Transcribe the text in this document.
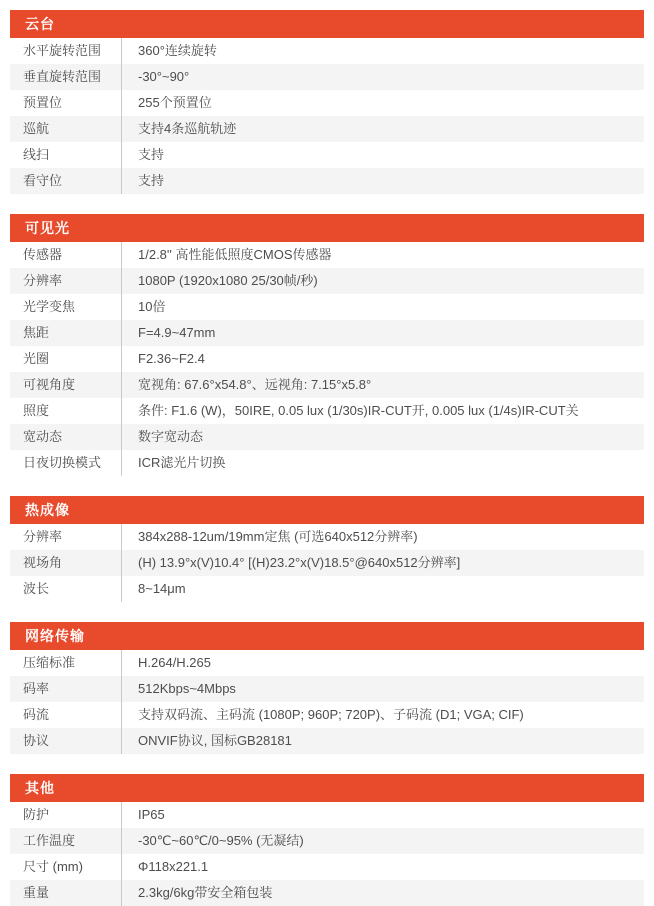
云台
水平旋转范围	360°连续旋转
垂直旋转范围	-30°~90°
预置位	255个预置位
巡航	支持4条巡航轨迹
线扫	支持
看守位	支持
可见光
传感器	1/2.8'' 高性能低照度CMOS传感器
分辨率	1080P (1920x1080 25/30帧/秒)
光学变焦	10倍
焦距	F=4.9~47mm
光圈	F2.36~F2.4
可视角度	宽视角: 67.6°x54.8°、远视角: 7.15°x5.8°
照度	条件: F1.6 (W)，50IRE, 0.05 lux (1/30s)IR-CUT开, 0.005 lux (1/4s)IR-CUT关
宽动态	数字宽动态
日夜切换模式	ICR滤光片切换
热成像
分辨率	384x288-12um/19mm定焦 (可选640x512分辨率)
视场角	(H) 13.9°x(V)10.4° [(H)23.2°x(V)18.5°@640x512分辨率]
波长	8~14μm
网络传输
压缩标准	H.264/H.265
码率	512Kbps~4Mbps
码流	支持双码流、主码流 (1080P; 960P; 720P)、子码流 (D1; VGA; CIF)
协议	ONVIF协议, 国标GB28181
其他
防护	IP65
工作温度	-30℃~60℃/0~95% (无凝结)
尺寸 (mm)	Φ118x221.1
重量	2.3kg/6kg带安全箱包装
